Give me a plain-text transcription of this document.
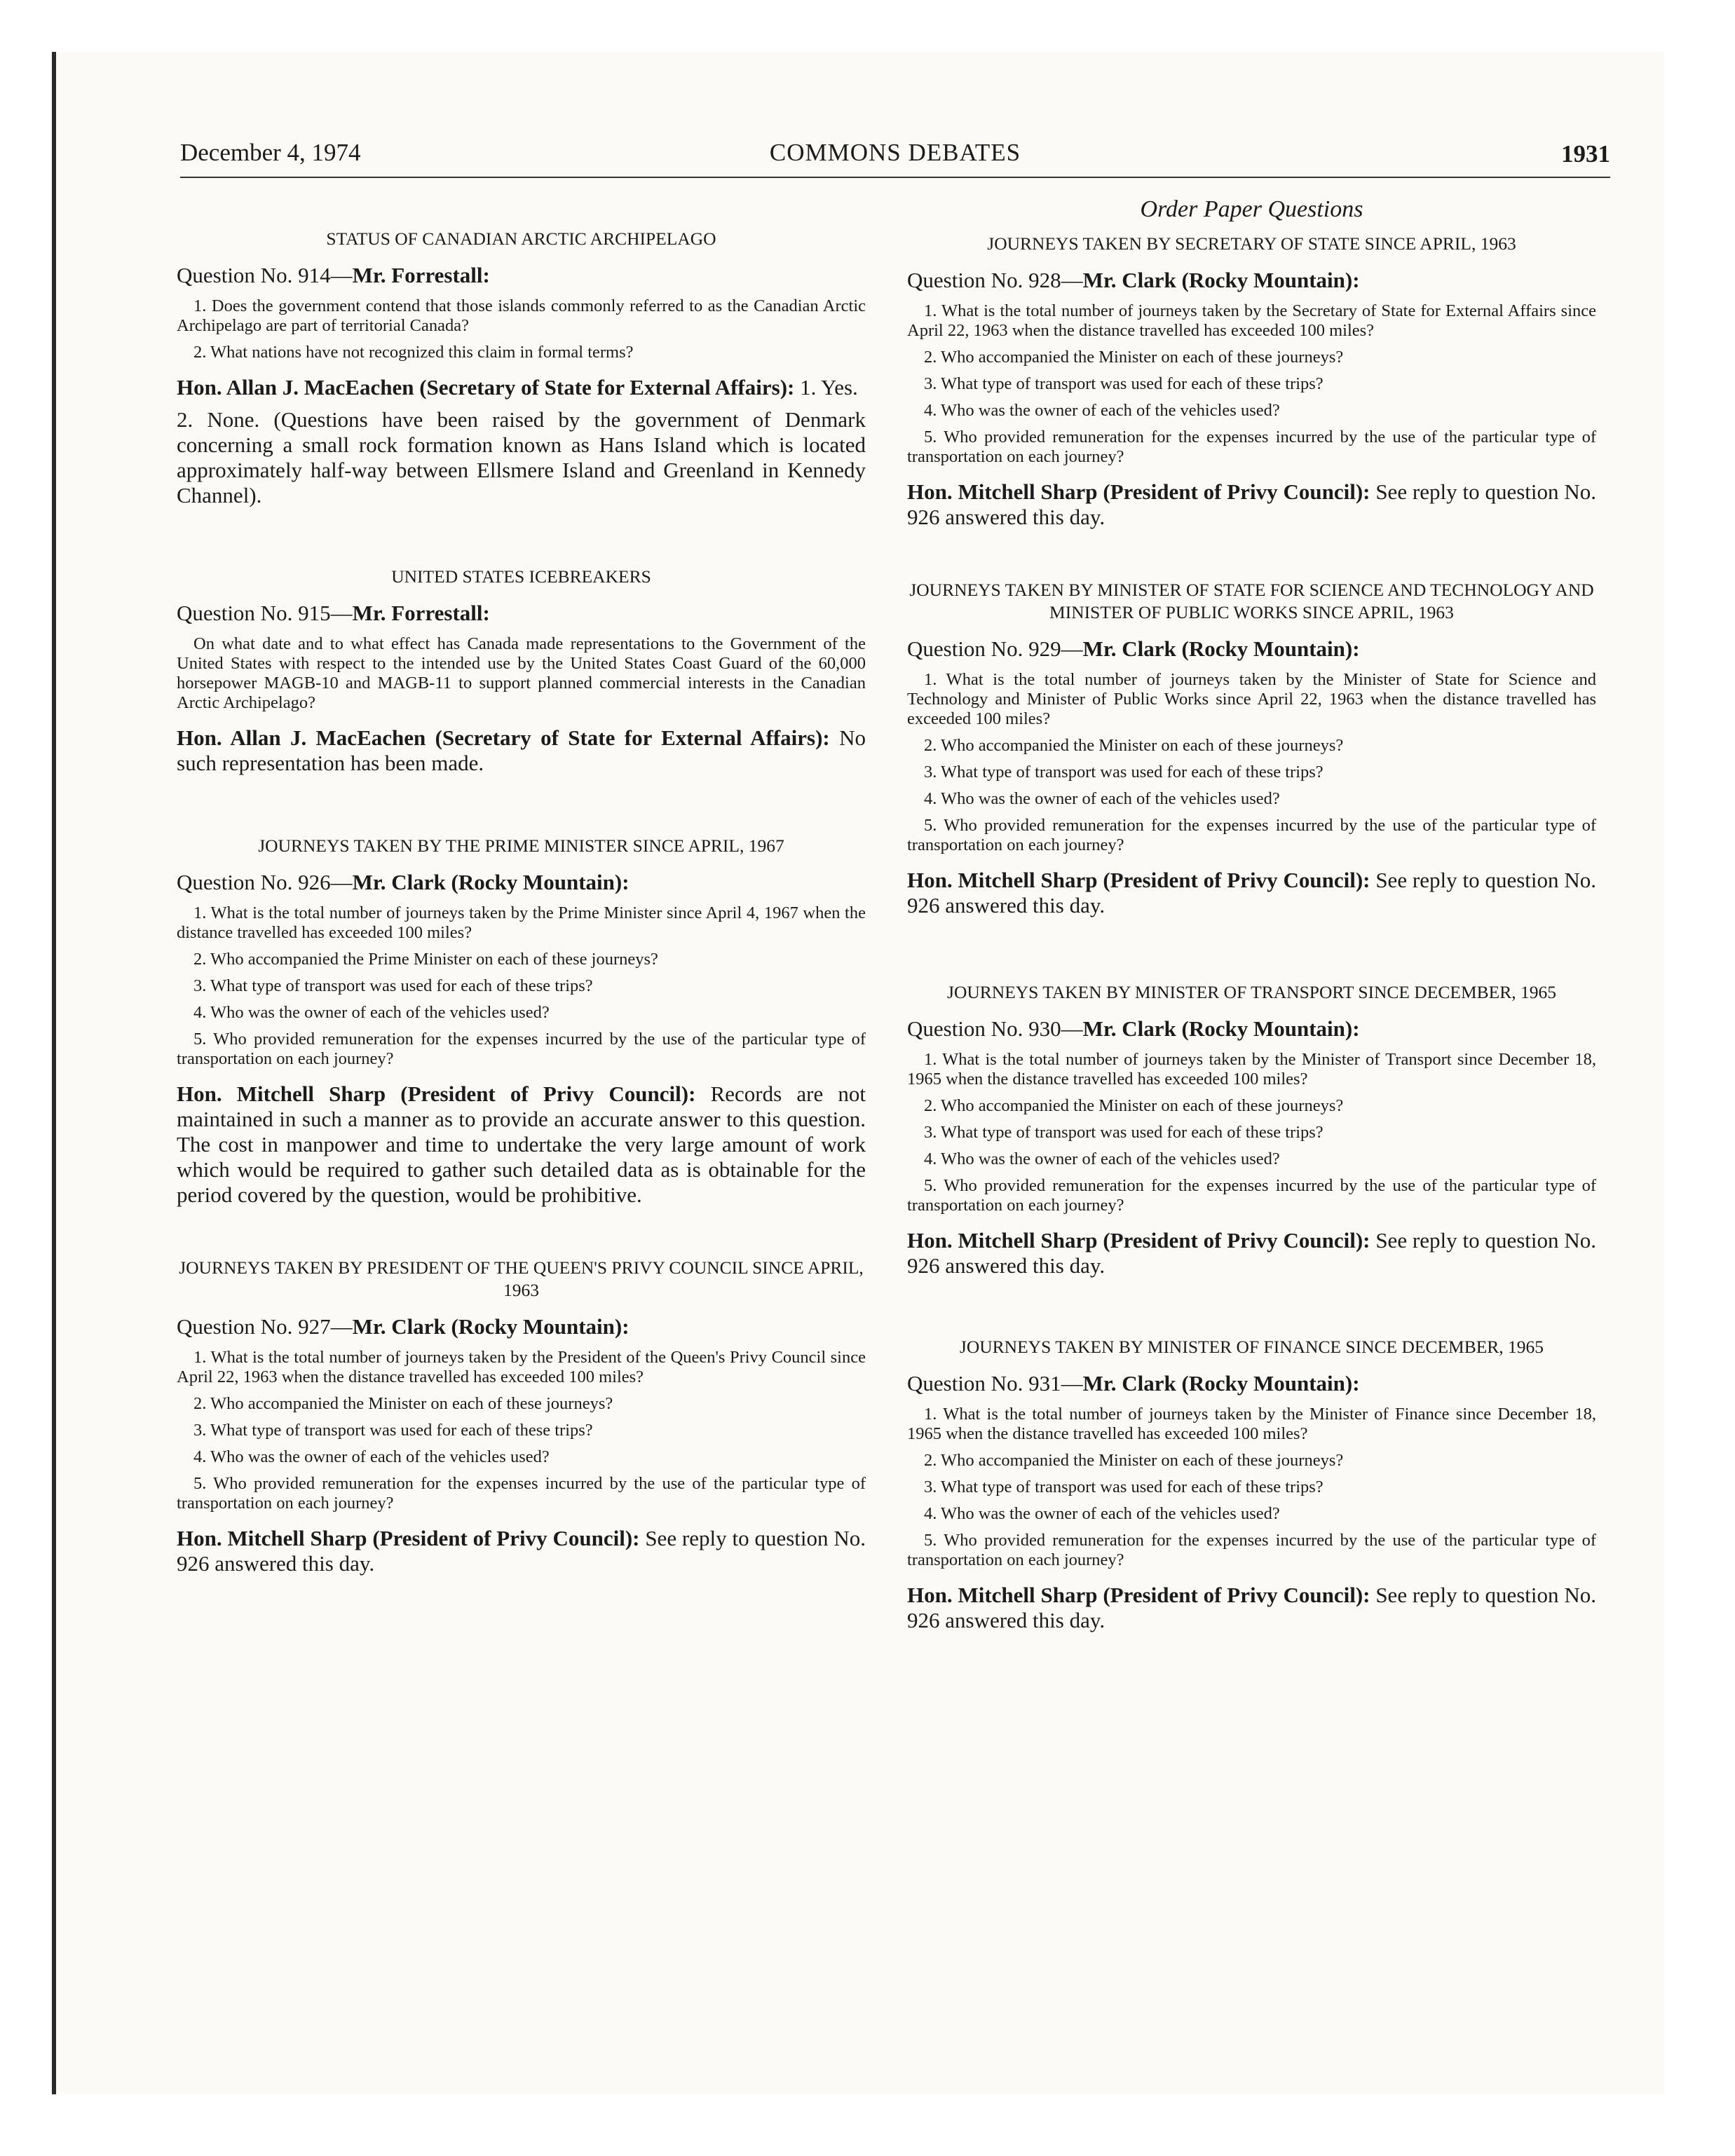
COMMONS DEBATES
December 4, 1974	1931
STATUS OF CANADIAN ARCTIC ARCHIPELAGO
Question No. 914—Mr. Forrestall:

1. Does the government contend that those islands commonly referred to as the Canadian Arctic Archipelago are part of territorial Canada?

2. What nations have not recognized this claim in formal terms?

Hon. Allan J. MacEachen (Secretary of State for External Affairs): 1. Yes.

2. None. (Questions have been raised by the government of Denmark concerning a small rock formation known as Hans Island which is located approximately half-way between Ellsmere Island and Greenland in Kennedy Channel).

UNITED STATES ICEBREAKERS
Question No. 915—Mr. Forrestall:

On what date and to what effect has Canada made representations to the Government of the United States with respect to the intended use by the United States Coast Guard of the 60,000 horsepower MAGB-10 and MAGB-11 to support planned commercial interests in the Canadian Arctic Archipelago?

Hon. Allan J. MacEachen (Secretary of State for External Affairs): No such representation has been made.

JOURNEYS TAKEN BY THE PRIME MINISTER SINCE APRIL, 1967
Question No. 926—Mr. Clark (Rocky Mountain):

1. What is the total number of journeys taken by the Prime Minister since April 4, 1967 when the distance travelled has exceeded 100 miles?

2. Who accompanied the Prime Minister on each of these journeys?

3. What type of transport was used for each of these trips?

4. Who was the owner of each of the vehicles used?

5. Who provided remuneration for the expenses incurred by the use of the particular type of transportation on each journey?

Hon. Mitchell Sharp (President of Privy Council): Records are not maintained in such a manner as to provide an accurate answer to this question. The cost in manpower and time to undertake the very large amount of work which would be required to gather such detailed data as is obtainable for the period covered by the question, would be prohibitive.

JOURNEYS TAKEN BY PRESIDENT OF THE QUEEN'S PRIVY COUNCIL SINCE APRIL, 1963
Question No. 927—Mr. Clark (Rocky Mountain):

1. What is the total number of journeys taken by the President of the Queen's Privy Council since April 22, 1963 when the distance travelled has exceeded 100 miles?

2. Who accompanied the Minister on each of these journeys?

3. What type of transport was used for each of these trips?

4. Who was the owner of each of the vehicles used?

5. Who provided remuneration for the expenses incurred by the use of the particular type of transportation on each journey?

Hon. Mitchell Sharp (President of Privy Council): See reply to question No. 926 answered this day.

Order Paper Questions
JOURNEYS TAKEN BY SECRETARY OF STATE SINCE APRIL, 1963
Question No. 928—Mr. Clark (Rocky Mountain):

1. What is the total number of journeys taken by the Secretary of State for External Affairs since April 22, 1963 when the distance travelled has exceeded 100 miles?

2. Who accompanied the Minister on each of these journeys?

3. What type of transport was used for each of these trips?

4. Who was the owner of each of the vehicles used?

5. Who provided remuneration for the expenses incurred by the use of the particular type of transportation on each journey?

Hon. Mitchell Sharp (President of Privy Council): See reply to question No. 926 answered this day.

JOURNEYS TAKEN BY MINISTER OF STATE FOR SCIENCE AND TECHNOLOGY AND MINISTER OF PUBLIC WORKS SINCE APRIL, 1963
Question No. 929—Mr. Clark (Rocky Mountain):

1. What is the total number of journeys taken by the Minister of State for Science and Technology and Minister of Public Works since April 22, 1963 when the distance travelled has exceeded 100 miles?

2. Who accompanied the Minister on each of these journeys?

3. What type of transport was used for each of these trips?

4. Who was the owner of each of the vehicles used?

5. Who provided remuneration for the expenses incurred by the use of the particular type of transportation on each journey?

Hon. Mitchell Sharp (President of Privy Council): See reply to question No. 926 answered this day.

JOURNEYS TAKEN BY MINISTER OF TRANSPORT SINCE DECEMBER, 1965
Question No. 930—Mr. Clark (Rocky Mountain):

1. What is the total number of journeys taken by the Minister of Transport since December 18, 1965 when the distance travelled has exceeded 100 miles?

2. Who accompanied the Minister on each of these journeys?

3. What type of transport was used for each of these trips?

4. Who was the owner of each of the vehicles used?

5. Who provided remuneration for the expenses incurred by the use of the particular type of transportation on each journey?

Hon. Mitchell Sharp (President of Privy Council): See reply to question No. 926 answered this day.

JOURNEYS TAKEN BY MINISTER OF FINANCE SINCE DECEMBER, 1965
Question No. 931—Mr. Clark (Rocky Mountain):

1. What is the total number of journeys taken by the Minister of Finance since December 18, 1965 when the distance travelled has exceeded 100 miles?

2. Who accompanied the Minister on each of these journeys?

3. What type of transport was used for each of these trips?

4. Who was the owner of each of the vehicles used?

5. Who provided remuneration for the expenses incurred by the use of the particular type of transportation on each journey?

Hon. Mitchell Sharp (President of Privy Council): See reply to question No. 926 answered this day.
